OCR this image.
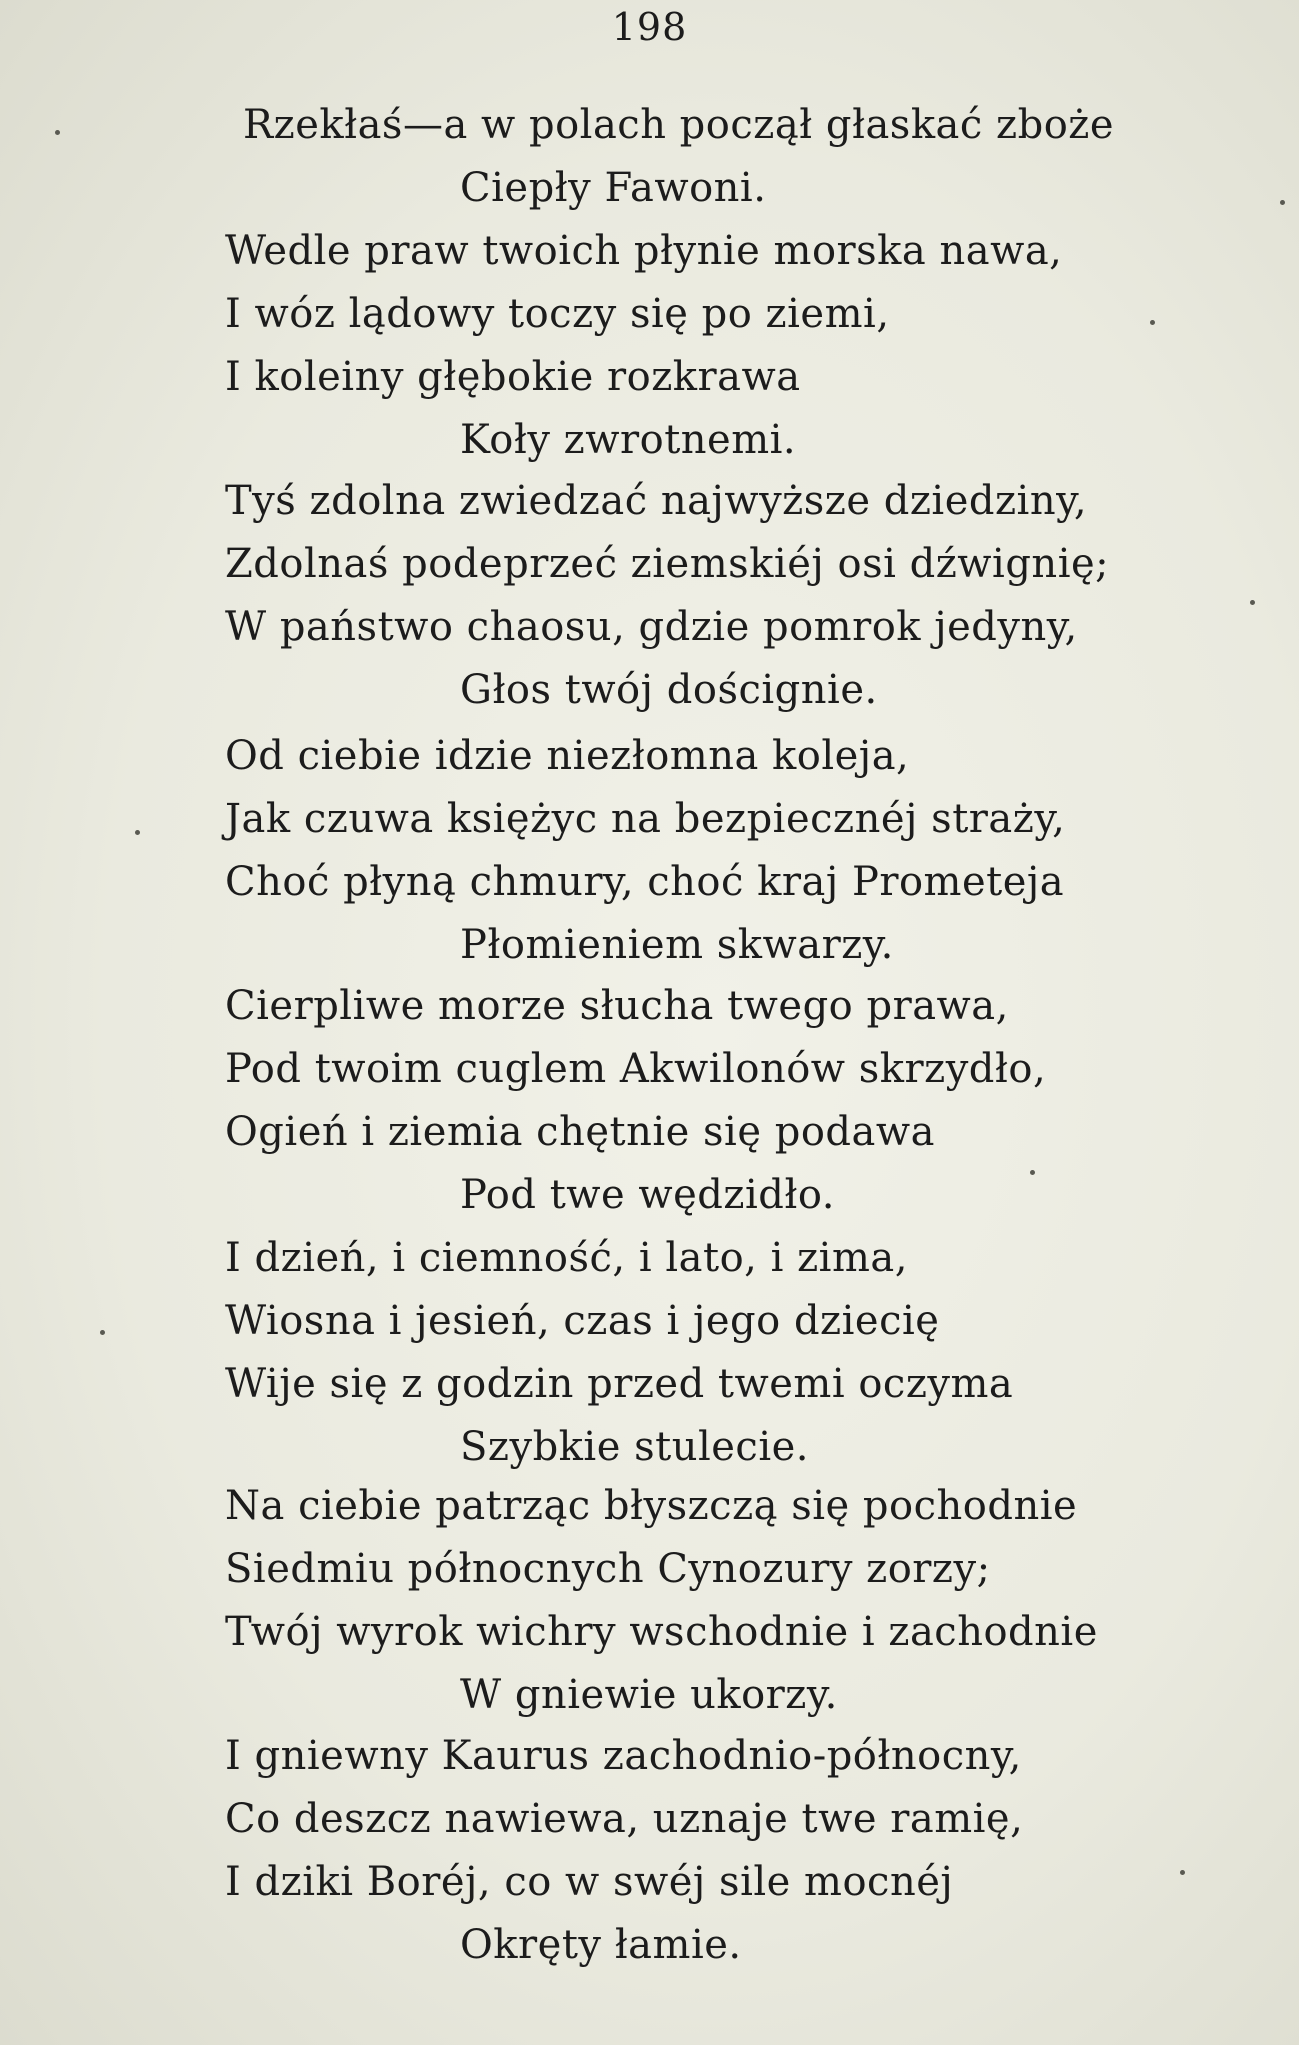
198
Rzekłaś—a w polach począł głaskać zboże
Ciepły Fawoni.
Wedle praw twoich płynie morska nawa,
I wóz lądowy toczy się po ziemi,
I koleiny głębokie rozkrawa
Koły zwrotnemi.
Tyś zdolna zwiedzać najwyższe dziedziny,
Zdolnaś podeprzeć ziemskiéj osi dźwignię;
W państwo chaosu, gdzie pomrok jedyny,
Głos twój doścignie.
Od ciebie idzie niezłomna koleja,
Jak czuwa księżyc na bezpiecznéj straży,
Choć płyną chmury, choć kraj Prometeja
Płomieniem skwarzy.
Cierpliwe morze słucha twego prawa,
Pod twoim cuglem Akwilonów skrzydło,
Ogień i ziemia chętnie się podawa
Pod twe wędzidło.
I dzień, i ciemność, i lato, i zima,
Wiosna i jesień, czas i jego dziecię
Wije się z godzin przed twemi oczyma
Szybkie stulecie.
Na ciebie patrząc błyszczą się pochodnie
Siedmiu północnych Cynozury zorzy;
Twój wyrok wichry wschodnie i zachodnie
W gniewie ukorzy.
I gniewny Kaurus zachodnio-północny,
Co deszcz nawiewa, uznaje twe ramię,
I dziki Boréj, co w swéj sile mocnéj
Okręty łamie.
